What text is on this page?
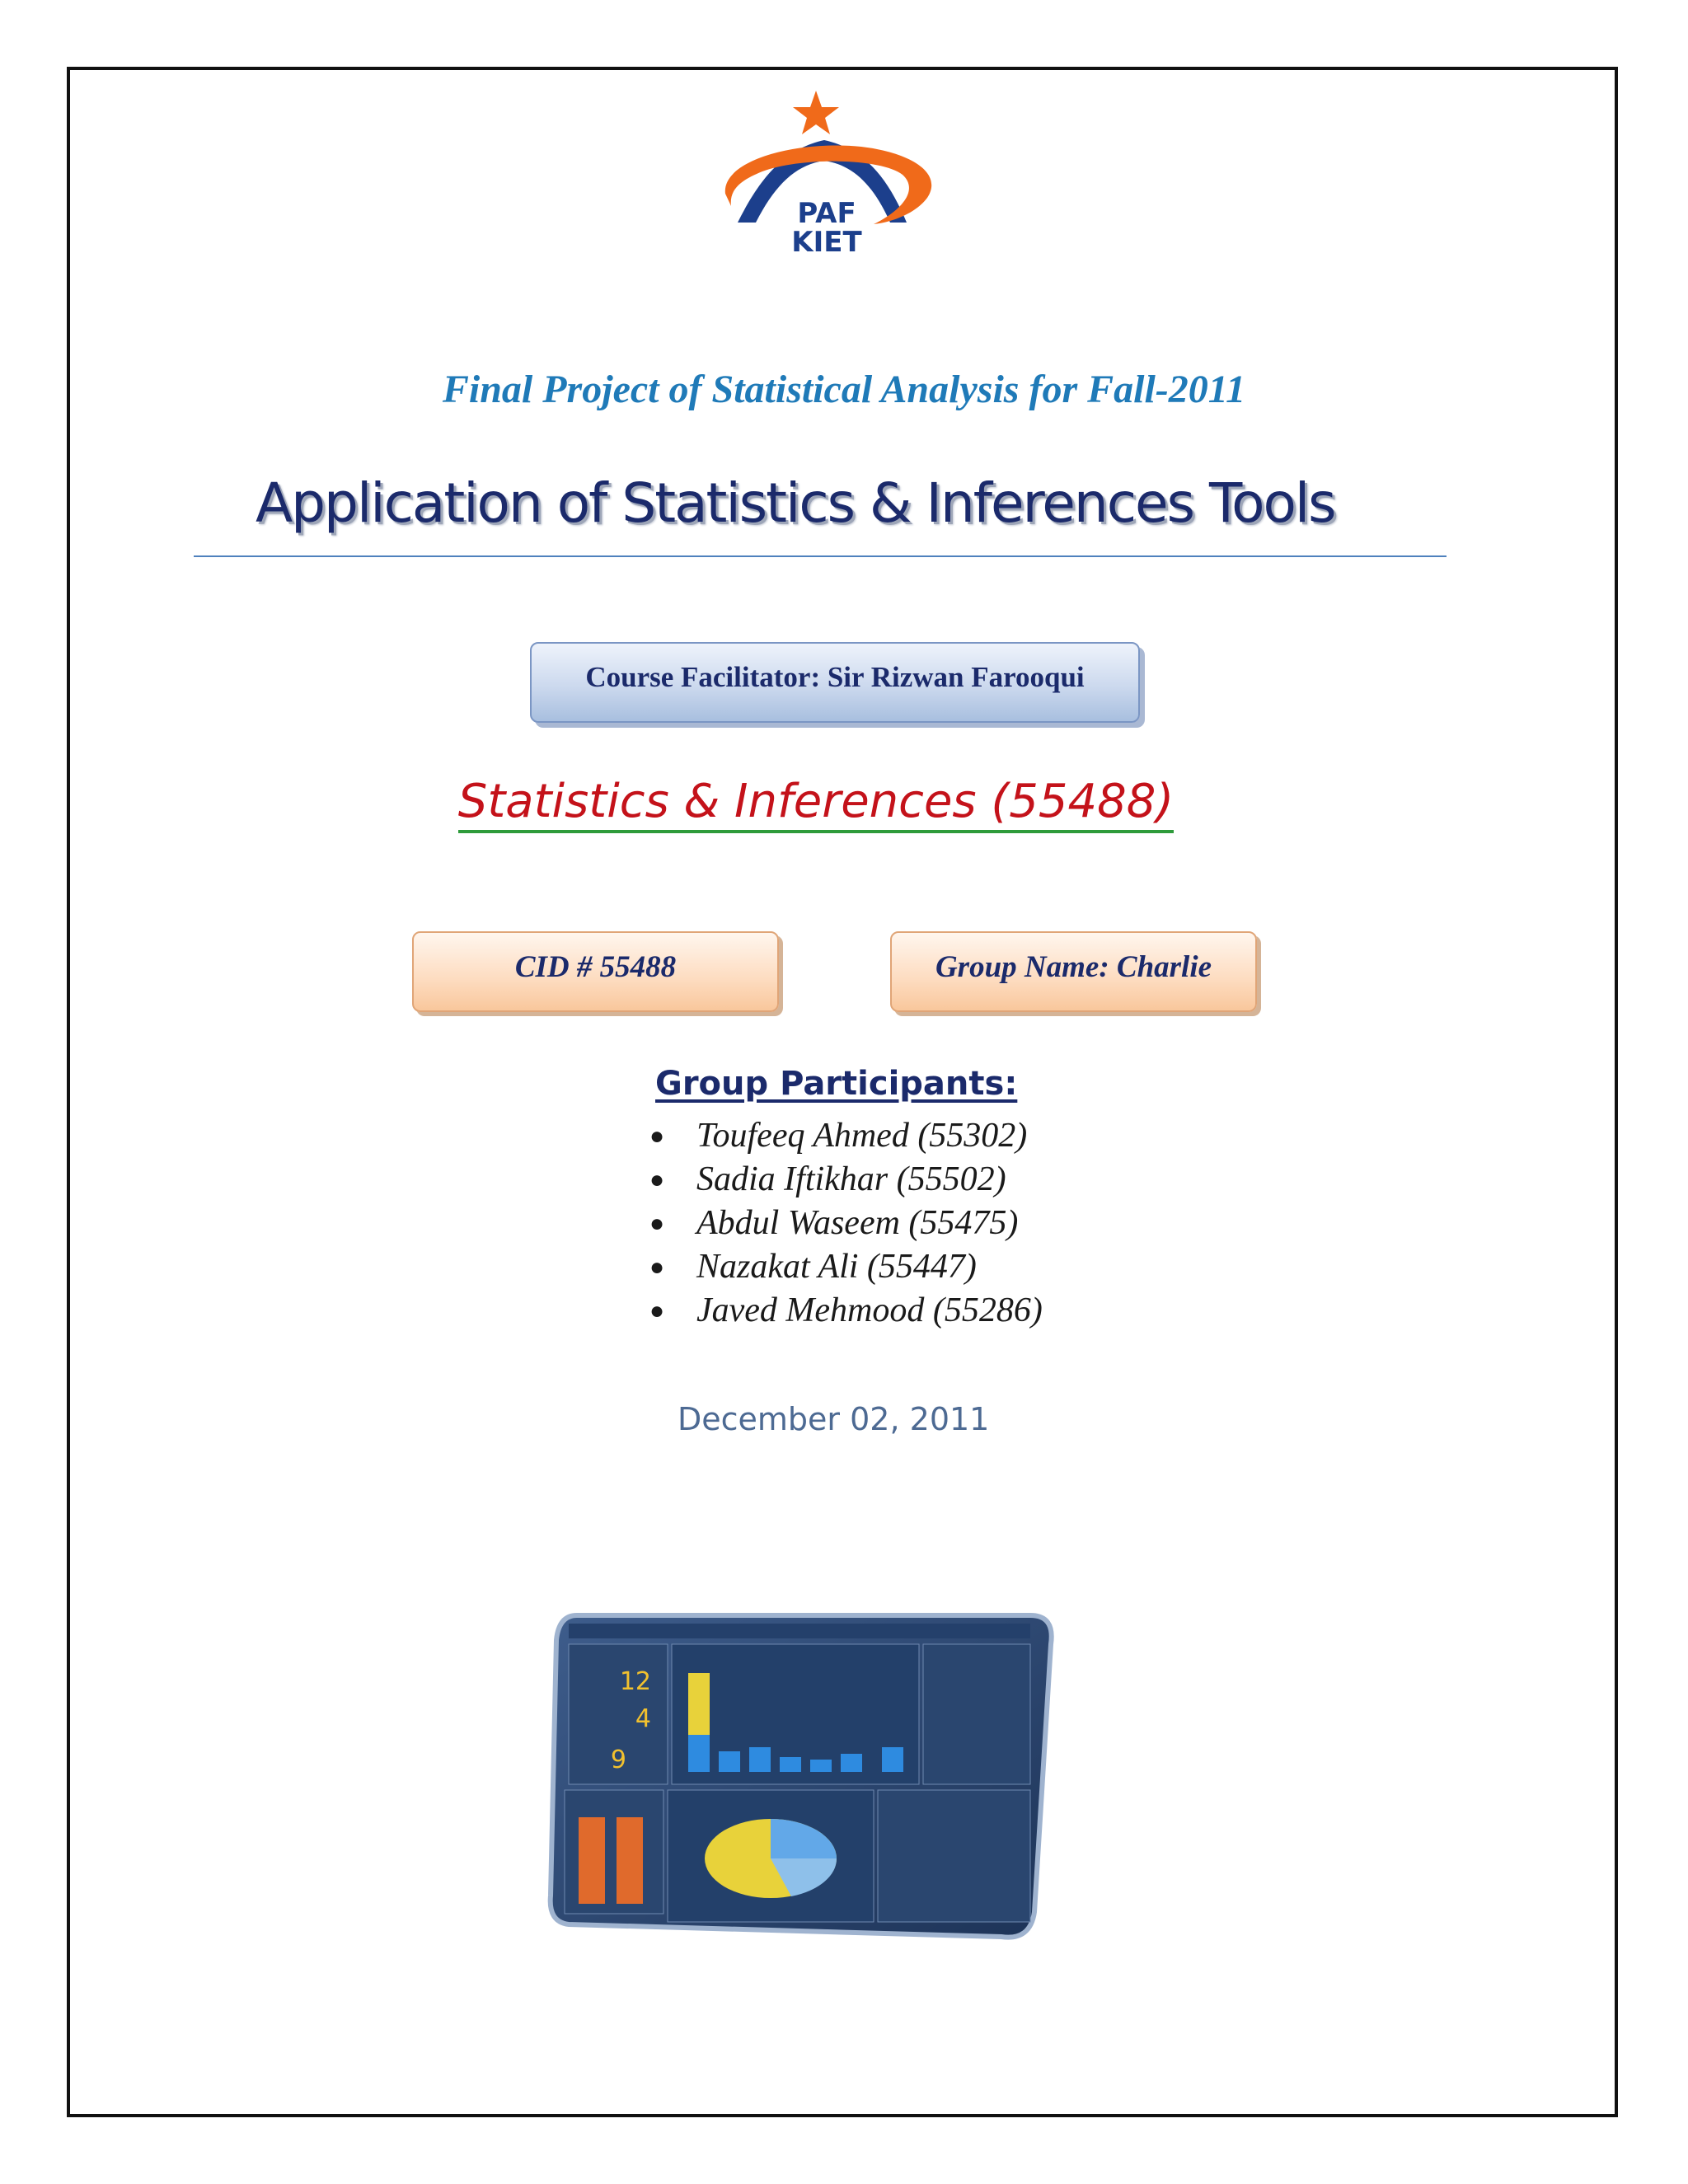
PAF
KIET
Final Project of Statistical Analysis for Fall-2011
Application of Statistics & Inferences Tools
Course Facilitator: Sir Rizwan Farooqui
Statistics & Inferences (55488)
CID # 55488	Group Name: Charlie
Group Participants:
● Toufeeq Ahmed (55302)
● Sadia Iftikhar (55502)
● Abdul Waseem (55475)
● Nazakat Ali (55447)
● Javed Mehmood (55286)
December 02, 2011
12
4
9
